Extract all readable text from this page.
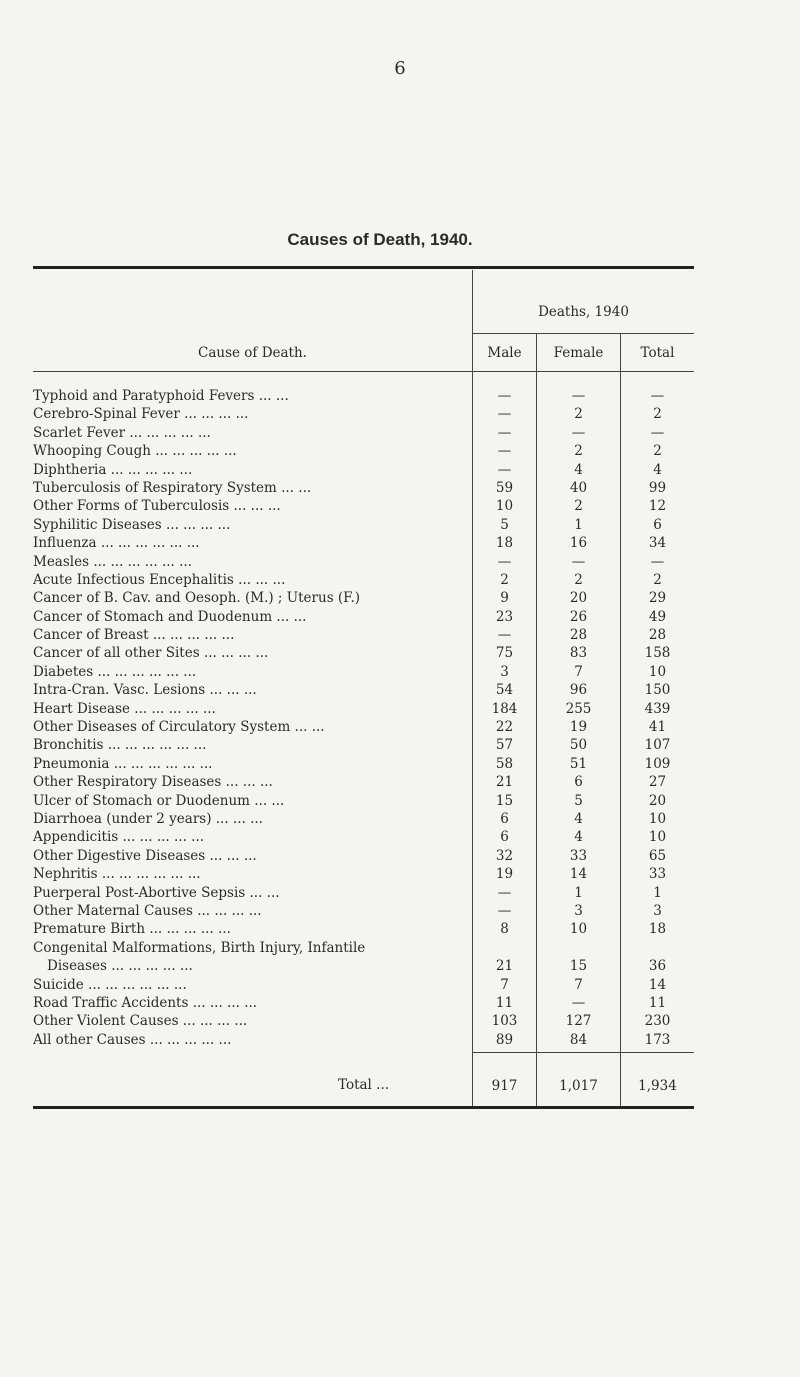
6
Causes of Death, 1940.
Deaths, 1940
Cause of Death.	Male	Female	Total
Typhoid and Paratyphoid Fevers ... ...	—	—	—
Cerebro-Spinal Fever ... ... ... ...	—	2	2
Scarlet Fever ... ... ... ... ...	—	—	—
Whooping Cough ... ... ... ... ...	—	2	2
Diphtheria ... ... ... ... ...	—	4	4
Tuberculosis of Respiratory System ... ...	59	40	99
Other Forms of Tuberculosis ... ... ...	10	2	12
Syphilitic Diseases ... ... ... ...	5	1	6
Influenza ... ... ... ... ... ...	18	16	34
Measles ... ... ... ... ... ...	—	—	—
Acute Infectious Encephalitis ... ... ...	2	2	2
Cancer of B. Cav. and Oesoph. (M.) ; Uterus (F.)	9	20	29
Cancer of Stomach and Duodenum ... ...	23	26	49
Cancer of Breast ... ... ... ... ...	—	28	28
Cancer of all other Sites ... ... ... ...	75	83	158
Diabetes ... ... ... ... ... ...	3	7	10
Intra-Cran. Vasc. Lesions ... ... ...	54	96	150
Heart Disease ... ... ... ... ...	184	255	439
Other Diseases of Circulatory System ... ...	22	19	41
Bronchitis ... ... ... ... ... ...	57	50	107
Pneumonia ... ... ... ... ... ...	58	51	109
Other Respiratory Diseases ... ... ...	21	6	27
Ulcer of Stomach or Duodenum ... ...	15	5	20
Diarrhoea (under 2 years) ... ... ...	6	4	10
Appendicitis ... ... ... ... ...	6	4	10
Other Digestive Diseases ... ... ...	32	33	65
Nephritis ... ... ... ... ... ...	19	14	33
Puerperal Post-Abortive Sepsis ... ...	—	1	1
Other Maternal Causes ... ... ... ...	—	3	3
Premature Birth ... ... ... ... ...	8	10	18
Congenital Malformations, Birth Injury, Infantile
Diseases ... ... ... ... ...	21	15	36
Suicide ... ... ... ... ... ...	7	7	14
Road Traffic Accidents ... ... ... ...	11	—	11
Other Violent Causes ... ... ... ...	103	127	230
All other Causes ... ... ... ... ...	89	84	173
Total ...	917	1,017	1,934
